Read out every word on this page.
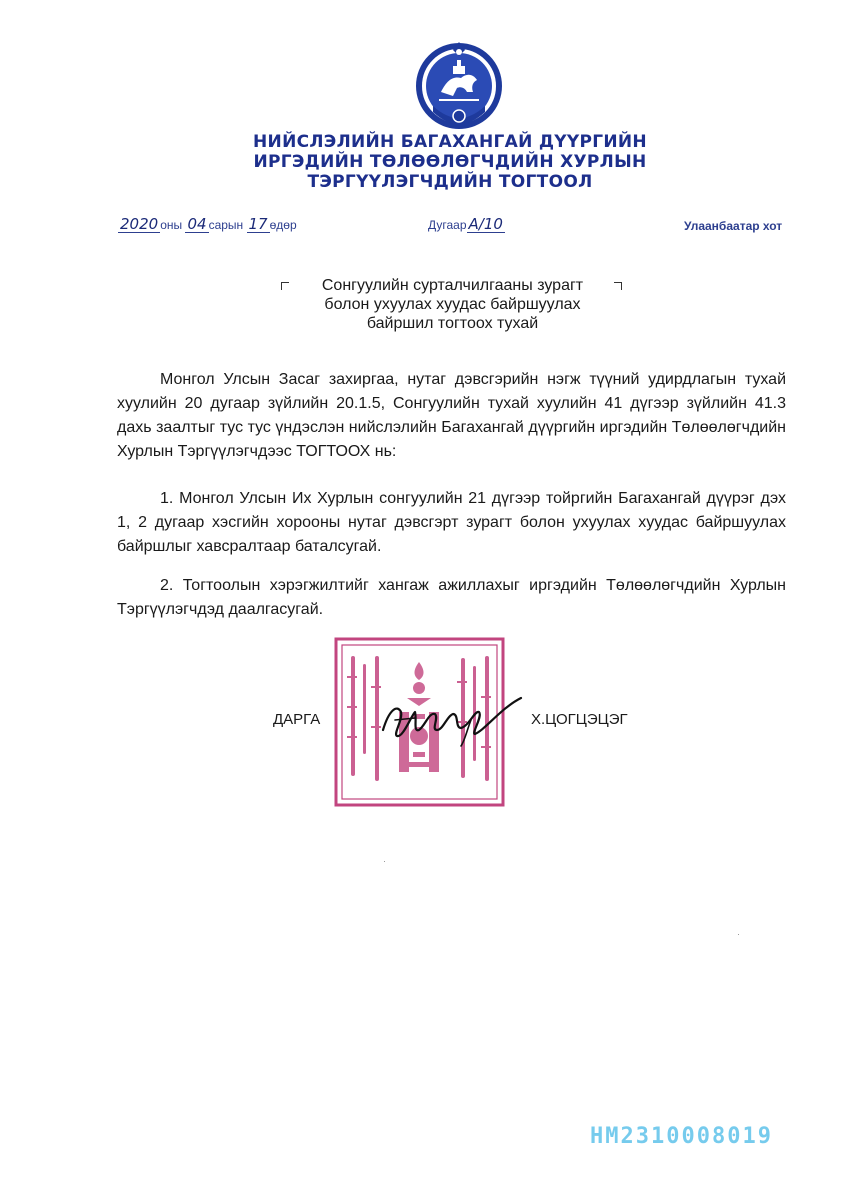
НИЙСЛЭЛИЙН БАГАХАНГАЙ ДҮҮРГИЙН
ИРГЭДИЙН ТӨЛӨӨЛӨГЧДИЙН ХУРЛЫН
ТЭРГҮҮЛЭГЧДИЙН ТОГТООЛ
2020 оны 04 сарын 17 өдөр	Дугаар А/10	Улаанбаатар хот
Сонгуулийн сурталчилгааны зурагт
болон ухуулах хуудас байршуулах
байршил тогтоох тухай
Монгол Улсын Засаг захиргаа, нутаг дэвсгэрийн нэгж түүний удирдлагын тухай хуулийн 20 дугаар зүйлийн 20.1.5, Сонгуулийн тухай хуулийн 41 дүгээр зүйлийн 41.3 дахь заалтыг тус тус үндэслэн нийслэлийн Багахангай дүүргийн иргэдийн Төлөөлөгчдийн Хурлын Тэргүүлэгчдээс ТОГТООХ нь:
1. Монгол Улсын Их Хурлын сонгуулийн 21 дүгээр тойргийн Багахангай дүүрэг дэх 1, 2 дугаар хэсгийн хорооны нутаг дэвсгэрт зурагт болон ухуулах хуудас байршуулах байршлыг хавсралтаар баталсугай.
2. Тогтоолын хэрэгжилтийг хангаж ажиллахыг иргэдийн Төлөөлөгчдийн Хурлын Тэргүүлэгчдэд даалгасугай.
ДАРГА	Х.ЦОГЦЭЦЭГ
НМ2310008019
